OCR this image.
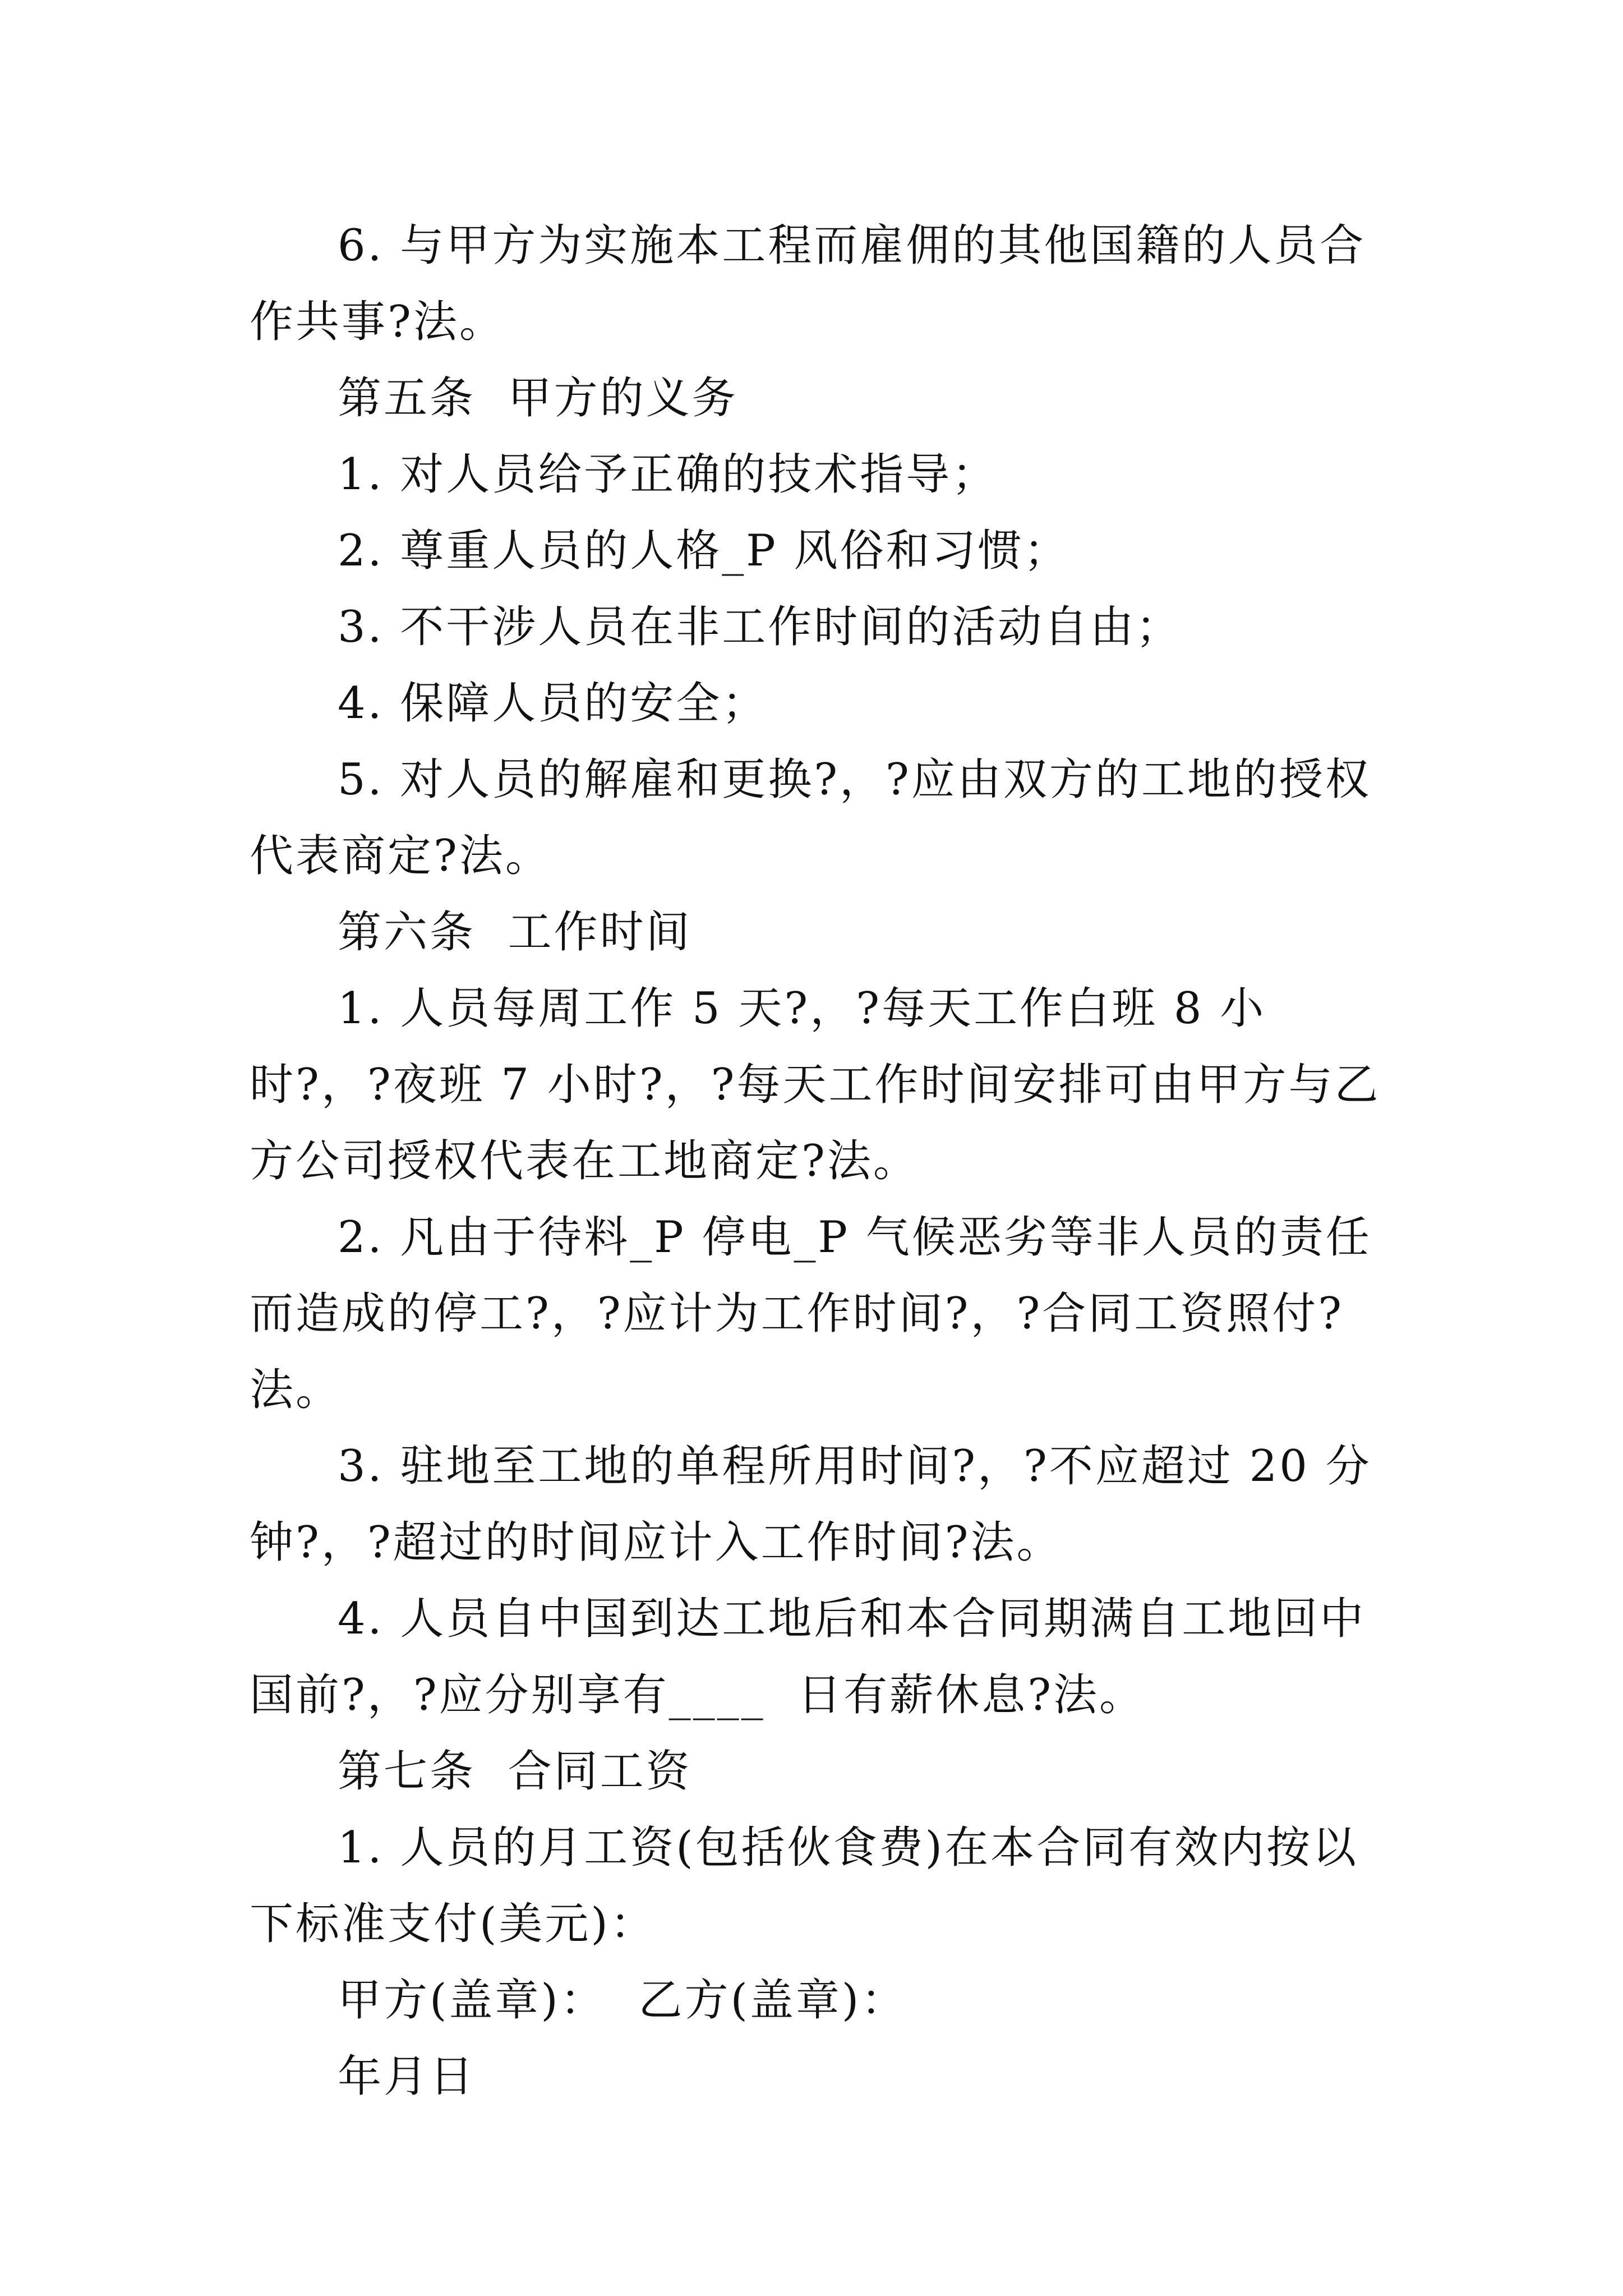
6. 与甲方为实施本工程而雇佣的其他国籍的人员合作共事?法。

第五条  甲方的义务

1. 对人员给予正确的技术指导；

2. 尊重人员的人格_P 风俗和习惯；

3. 不干涉人员在非工作时间的活动自由；

4. 保障人员的安全；

5. 对人员的解雇和更换?，?应由双方的工地的授权代表商定?法。

第六条  工作时间

1. 人员每周工作 5 天?，?每天工作白班 8 小时?，?夜班 7 小时?，?每天工作时间安排可由甲方与乙方公司授权代表在工地商定?法。

2. 凡由于待料_P 停电_P 气候恶劣等非人员的责任而造成的停工?，?应计为工作时间?，?合同工资照付?法。

3. 驻地至工地的单程所用时间?，?不应超过 20 分钟?，?超过的时间应计入工作时间?法。

4. 人员自中国到达工地后和本合同期满自工地回中国前?，?应分别享有____  日有薪休息?法。

第七条  合同工资

1. 人员的月工资(包括伙食费)在本合同有效内按以下标准支付(美元)：

甲方(盖章)：  乙方(盖章)：

年月日
